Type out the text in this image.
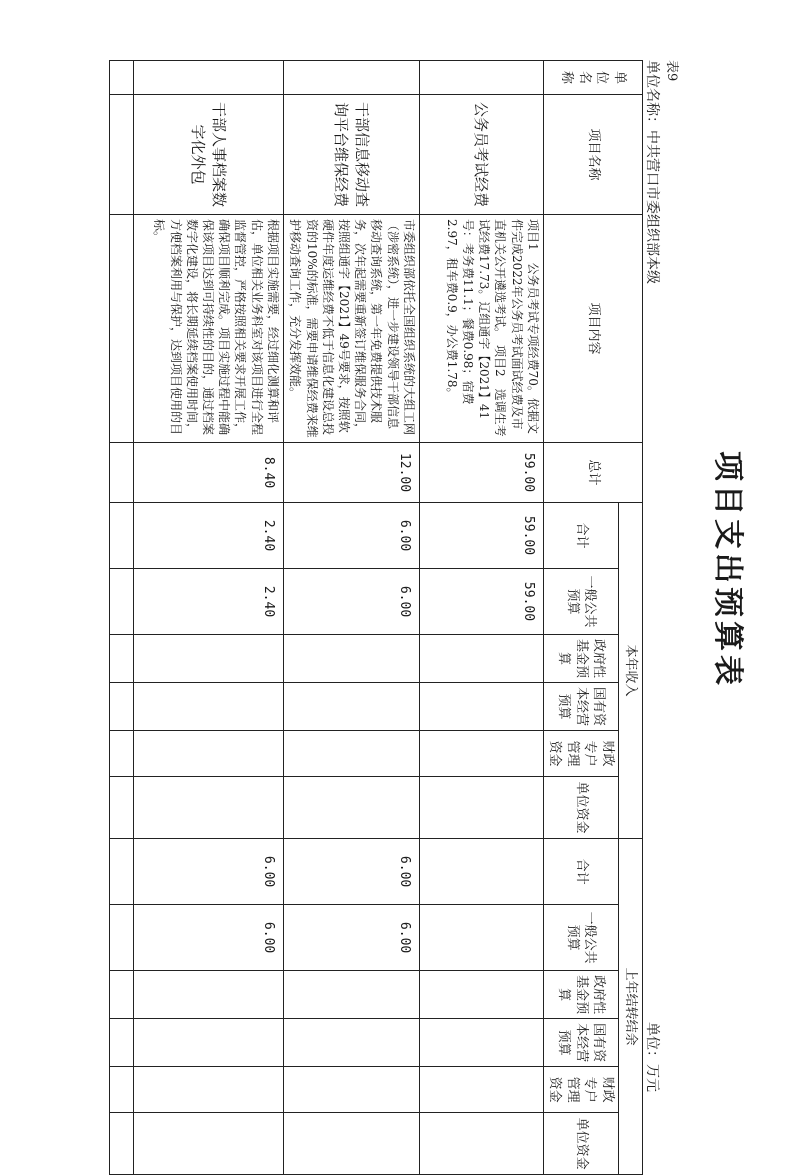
项目支出预算表
表9
单位名称：中共营口市委组织部本级
单位：万元
单位名称	项目名称	项目内容	总计	本年收入						上年结转结余					
				合计	一般公共预算	政府性基金预算	国有资本经营预算	财政专户管理资金	单位资金	合计	一般公共预算	政府性基金预算	国有资本经营预算	财政专户管理资金	单位资金
	公务员考试经费	项目1　公务员考试专项经费70。依据文件完成2022年公务员考试面试经费及市直机关公开遴选考试。　项目2　选调生考试经费17.73。辽组通字【2021】41号：考务费11.1；餐费0.98；宿费2.97，租车费0.9，办公费1.78。	59.00	59.00	59.00										
	干部信息移动查询平台维保经费	市委组织部依托全国组织系统的大组工网（涉密系统），进一步建设领导干部信息移动查询系统，第一年免费提供技术服务，次年起需要重新签订维保服务合同，按照组通字【2021】49号要求，按照软硬件年度运维经费不低于信息化建设总投资的10%的标准，需要申请维保经费来维护移动查询工作，充分发挥效能。	12.00	6.00	6.00					6.00	6.00				
	干部人事档案数字化外包	根据项目实施需要，经过细化测算和评估，单位相关业务科室对该项目进行全程监督管控，严格按照相关要求开展工作，确保项目顺利完成。项目实施过程中能确保该项目达到可持续性的目的，通过档案数字化建设，将长期延续档案使用时间，方便档案利用与保护，达到项目使用的目标。	8.40	2.40	2.40					6.00	6.00				
